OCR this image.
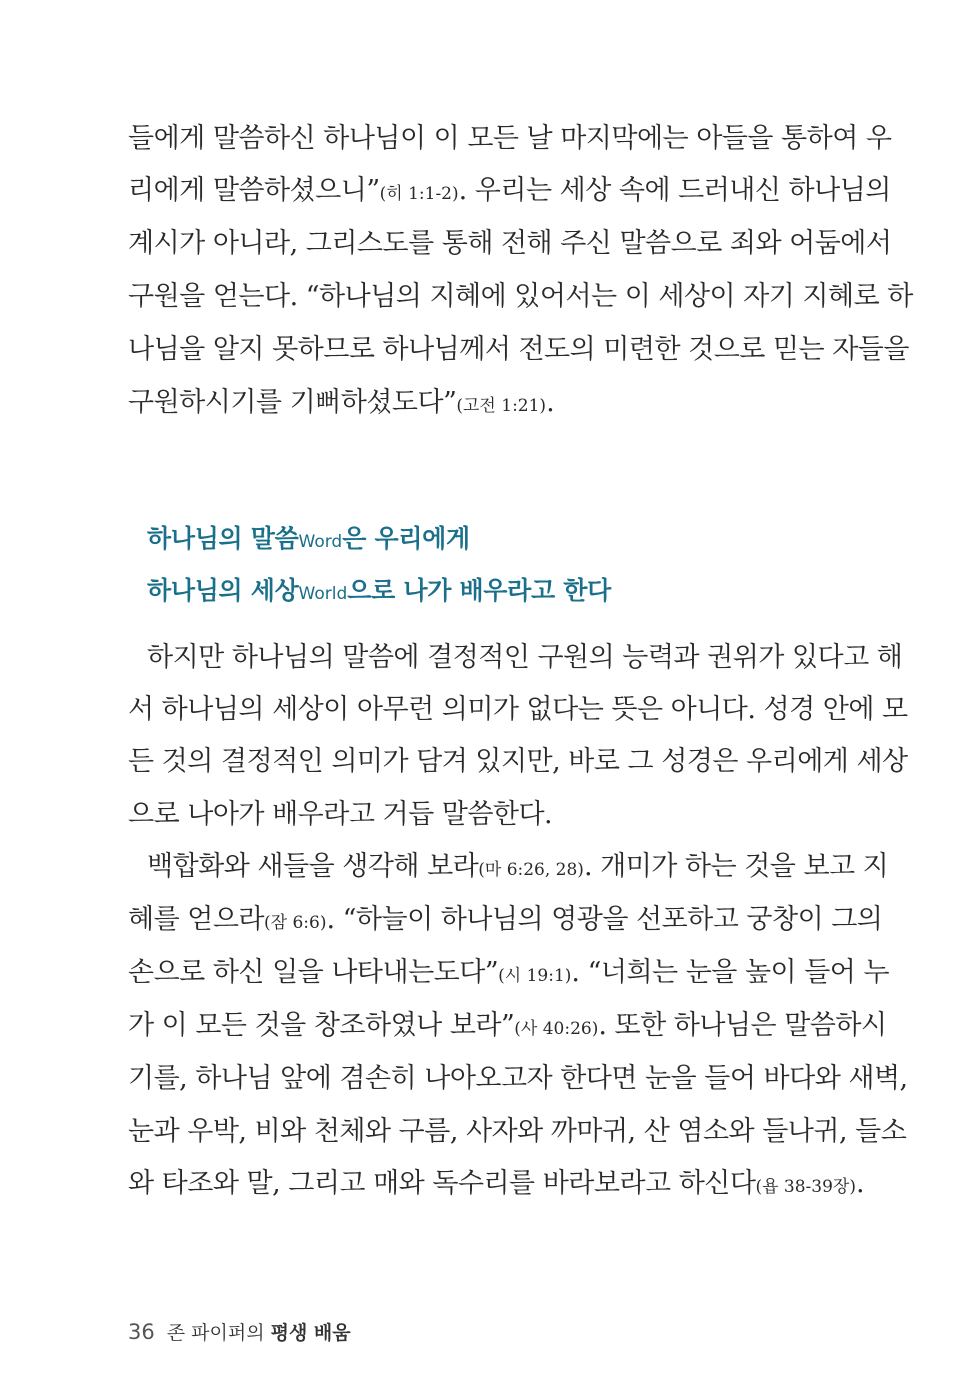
들에게 말씀하신 하나님이 이 모든 날 마지막에는 아들을 통하여 우
리에게 말씀하셨으니”(히 1:1-2). 우리는 세상 속에 드러내신 하나님의
계시가 아니라, 그리스도를 통해 전해 주신 말씀으로 죄와 어둠에서
구원을 얻는다. “하나님의 지혜에 있어서는 이 세상이 자기 지혜로 하
나님을 알지 못하므로 하나님께서 전도의 미련한 것으로 믿는 자들을
구원하시기를 기뻐하셨도다”(고전 1:21).
하나님의 말씀Word은 우리에게
하나님의 세상World으로 나가 배우라고 한다
하지만 하나님의 말씀에 결정적인 구원의 능력과 권위가 있다고 해
서 하나님의 세상이 아무런 의미가 없다는 뜻은 아니다. 성경 안에 모
든 것의 결정적인 의미가 담겨 있지만, 바로 그 성경은 우리에게 세상
으로 나아가 배우라고 거듭 말씀한다.
백합화와 새들을 생각해 보라(마 6:26, 28). 개미가 하는 것을 보고 지
혜를 얻으라(잠 6:6). “하늘이 하나님의 영광을 선포하고 궁창이 그의
손으로 하신 일을 나타내는도다”(시 19:1). “너희는 눈을 높이 들어 누
가 이 모든 것을 창조하였나 보라”(사 40:26). 또한 하나님은 말씀하시
기를, 하나님 앞에 겸손히 나아오고자 한다면 눈을 들어 바다와 새벽,
눈과 우박, 비와 천체와 구름, 사자와 까마귀, 산 염소와 들나귀, 들소
와 타조와 말, 그리고 매와 독수리를 바라보라고 하신다(욥 38-39장).
36 존 파이퍼의 평생 배움
